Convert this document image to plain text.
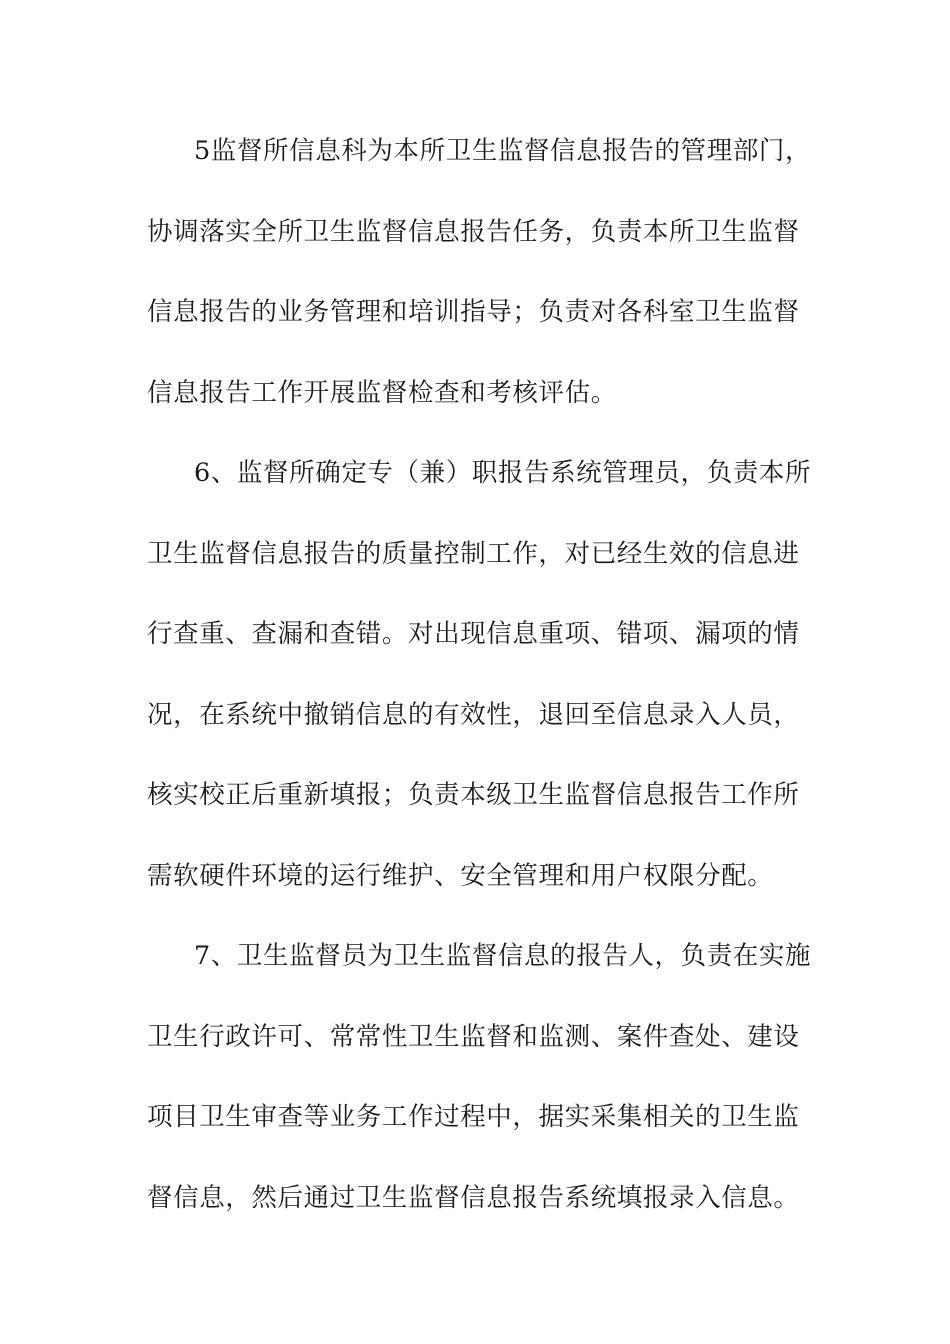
5监督所信息科为本所卫生监督信息报告的管理部门，
协调落实全所卫生监督信息报告任务，负责本所卫生监督
信息报告的业务管理和培训指导；负责对各科室卫生监督
信息报告工作开展监督检查和考核评估。
6、监督所确定专（兼）职报告系统管理员，负责本所
卫生监督信息报告的质量控制工作，对已经生效的信息进
行查重、查漏和查错。对出现信息重项、错项、漏项的情
况，在系统中撤销信息的有效性，退回至信息录入人员，
核实校正后重新填报；负责本级卫生监督信息报告工作所
需软硬件环境的运行维护、安全管理和用户权限分配。
7、卫生监督员为卫生监督信息的报告人，负责在实施
卫生行政许可、常常性卫生监督和监测、案件查处、建设
项目卫生审查等业务工作过程中，据实采集相关的卫生监
督信息，然后通过卫生监督信息报告系统填报录入信息。
